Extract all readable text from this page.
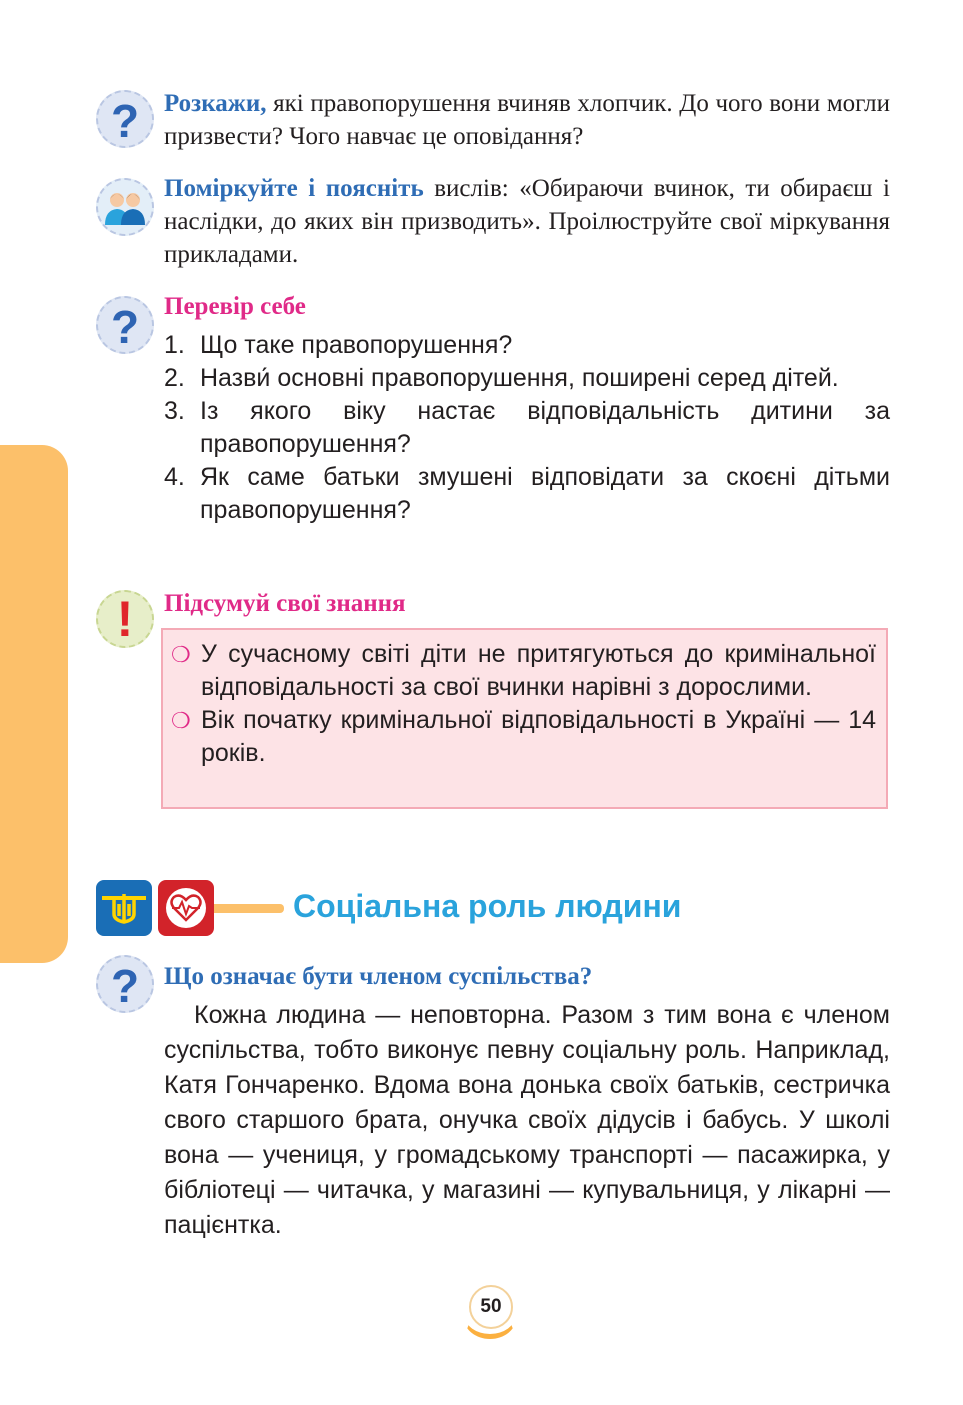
? Розкажи, які правопорушення вчиняв хлопчик. До чого вони могли призвести? Чого навчає це оповідання?

Поміркуйте і поясніть вислів: «Обираючи вчинок, ти обираєш і наслідки, до яких він призводить». Проілюструйте свої міркування прикладами.

? Перевір себе
1. Що таке правопорушення?
2. Назви́ основні правопорушення, поширені серед дітей.
3. Із якого віку настає відповідальність дитини за правопорушення?
4. Як саме батьки змушені відповідати за скоєні дітьми правопорушення?
! Підсумуй свої знання
❍ У сучасному світі діти не притягуються до кримінальної відповідальності за свої вчинки нарівні з дорослими.
❍ Вік початку кримінальної відповідальності в Україні — 14 років.
Соціальна роль людини
? Що означає бути членом суспільства?

Кожна людина — неповторна. Разом з тим вона є членом суспільства, тобто виконує певну соціальну роль. Наприклад, Катя Гончаренко. Вдома вона донька своїх батьків, сестричка свого старшого брата, онучка своїх дідусів і бабусь. У школі вона — учениця, у громадському транспорті — пасажирка, у бібліотеці — читачка, у магазині — купувальниця, у лікарні — пацієнтка.

50
